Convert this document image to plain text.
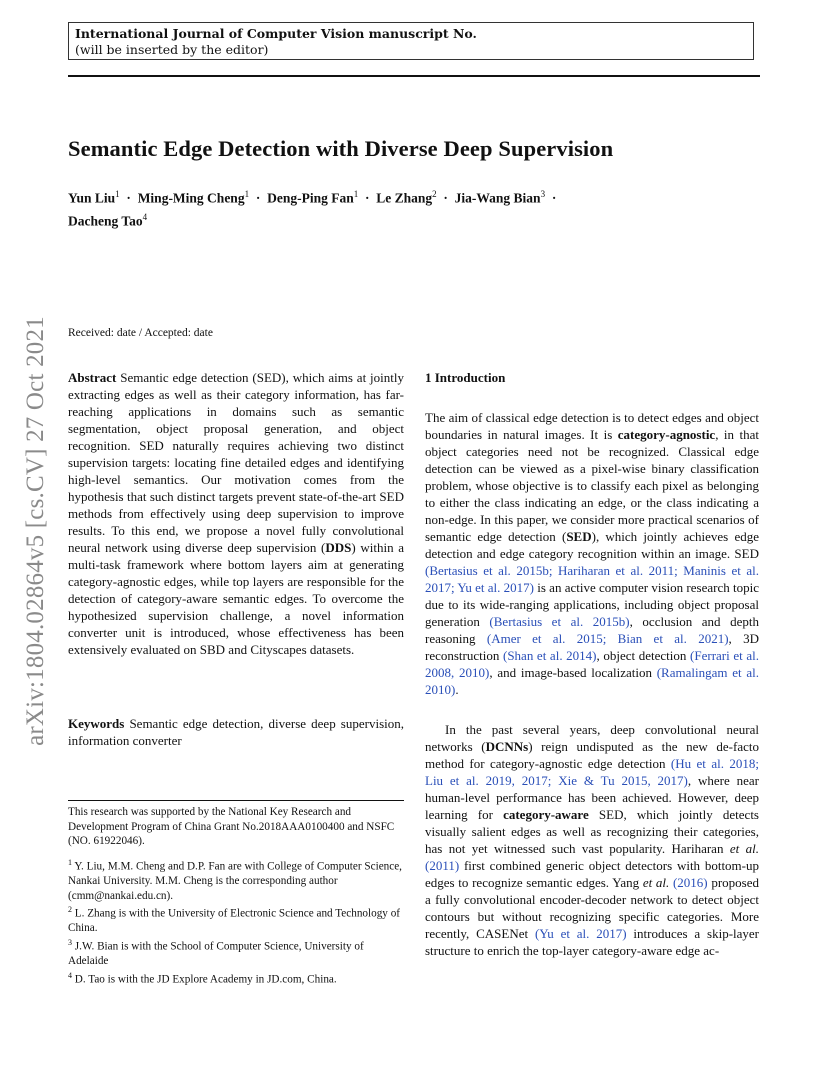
International Journal of Computer Vision manuscript No.
(will be inserted by the editor)
arXiv:1804.02864v5 [cs.CV] 27 Oct 2021
Semantic Edge Detection with Diverse Deep Supervision
Yun Liu$^1$  ·  Ming-Ming Cheng$^1$  ·  Deng-Ping Fan$^1$  ·  Le Zhang$^2$  ·  Jia-Wang Bian$^3$  ·  Dacheng Tao$^4$
Received: date / Accepted: date
Abstract Semantic edge detection (SED), which aims at jointly extracting edges as well as their category information, has far-reaching applications in domains such as semantic segmentation, object proposal generation, and object recognition. SED naturally requires achieving two distinct supervision targets: locating fine detailed edges and identifying high-level semantics. Our motivation comes from the hypothesis that such distinct targets prevent state-of-the-art SED methods from effectively using deep supervision to improve results. To this end, we propose a novel fully convolutional neural network using diverse deep supervision (DDS) within a multi-task framework where bottom layers aim at generating category-agnostic edges, while top layers are responsible for the detection of category-aware semantic edges. To overcome the hypothesized supervision challenge, a novel information converter unit is introduced, whose effectiveness has been extensively evaluated on SBD and Cityscapes datasets.
Keywords Semantic edge detection, diverse deep supervision, information converter
This research was supported by the National Key Research and Development Program of China Grant No.2018AAA0100400 and NSFC (NO. 61922046).
$^1$ Y. Liu, M.M. Cheng and D.P. Fan are with College of Computer Science, Nankai University. M.M. Cheng is the corresponding author (cmm@nankai.edu.cn).
$^2$ L. Zhang is with the University of Electronic Science and Technology of China.
$^3$ J.W. Bian is with the School of Computer Science, University of Adelaide
$^4$ D. Tao is with the JD Explore Academy in JD.com, China.
1 Introduction
The aim of classical edge detection is to detect edges and object boundaries in natural images. It is category-agnostic, in that object categories need not be recognized. Classical edge detection can be viewed as a pixel-wise binary classification problem, whose objective is to classify each pixel as belonging to either the class indicating an edge, or the class indicating a non-edge. In this paper, we consider more practical scenarios of semantic edge detection (SED), which jointly achieves edge detection and edge category recognition within an image. SED (Bertasius et al. 2015b; Hariharan et al. 2011; Maninis et al. 2017; Yu et al. 2017) is an active computer vision research topic due to its wide-ranging applications, including object proposal generation (Bertasius et al. 2015b), occlusion and depth reasoning (Amer et al. 2015; Bian et al. 2021), 3D reconstruction (Shan et al. 2014), object detection (Ferrari et al. 2008, 2010), and image-based localization (Ramalingam et al. 2010).
In the past several years, deep convolutional neural networks (DCNNs) reign undisputed as the new de-facto method for category-agnostic edge detection (Hu et al. 2018; Liu et al. 2019, 2017; Xie & Tu 2015, 2017), where near human-level performance has been achieved. However, deep learning for category-aware SED, which jointly detects visually salient edges as well as recognizing their categories, has not yet witnessed such vast popularity. Hariharan et al. (2011) first combined generic object detectors with bottom-up edges to recognize semantic edges. Yang et al. (2016) proposed a fully convolutional encoder-decoder network to detect object contours but without recognizing specific categories. More recently, CASENet (Yu et al. 2017) introduces a skip-layer structure to enrich the top-layer category-aware edge ac-
